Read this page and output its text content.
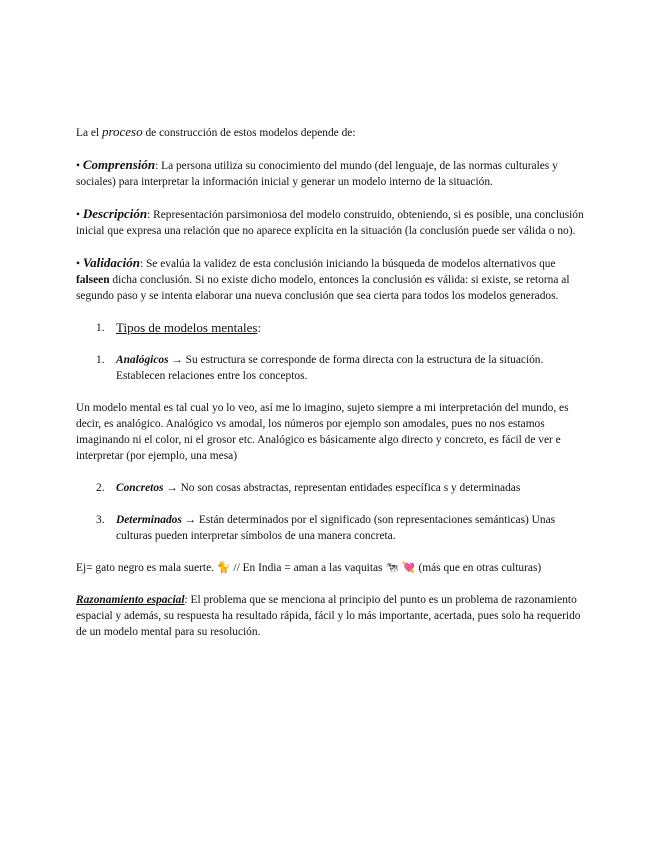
La el proceso de construcción de estos modelos depende de:

• Comprensión: La persona utiliza su conocimiento del mundo (del lenguaje, de las normas culturales y sociales) para interpretar la información inicial y generar un modelo interno de la situación.

• Descripción: Representación parsimoniosa del modelo construido, obteniendo, si es posible, una conclusión inicial que expresa una relación que no aparece explícita en la situación (la conclusión puede ser válida o no).

• Validación: Se evalúa la validez de esta conclusión iniciando la búsqueda de modelos alternativos que falseen dicha conclusión. Si no existe dicho modelo, entonces la conclusión es válida: si existe, se retorna al segundo paso y se intenta elaborar una nueva conclusión que sea cierta para todos los modelos generados.

1. Tipos de modelos mentales:
1.	Analógicos → Su estructura se corresponde de forma directa con la estructura de la situación. Establecen relaciones entre los conceptos.

Un modelo mental es tal cual yo lo veo, así me lo imagino, sujeto siempre a mi interpretación del mundo, es decir, es analógico. Analógico vs amodal, los números por ejemplo son amodales, pues no nos estamos imaginando ni el color, ni el grosor etc. Analógico es básicamente algo directo y concreto, es fácil de ver e interpretar (por ejemplo, una mesa)

2.	Concretos → No son cosas abstractas, representan entidades específica s y determinadas
3.	Determinados → Están determinados por el significado (son representaciones semánticas) Unas culturas pueden interpretar símbolos de una manera concreta.

Ej= gato negro es mala suerte. 🐈 // En India = aman a las vaquitas 🐄 💘 (más que en otras culturas)

Razonamiento espacial: El problema que se menciona al principio del punto es un problema de razonamiento espacial y además, su respuesta ha resultado rápida, fácil y lo más importante, acertada, pues solo ha requerido de un modelo mental para su resolución.
